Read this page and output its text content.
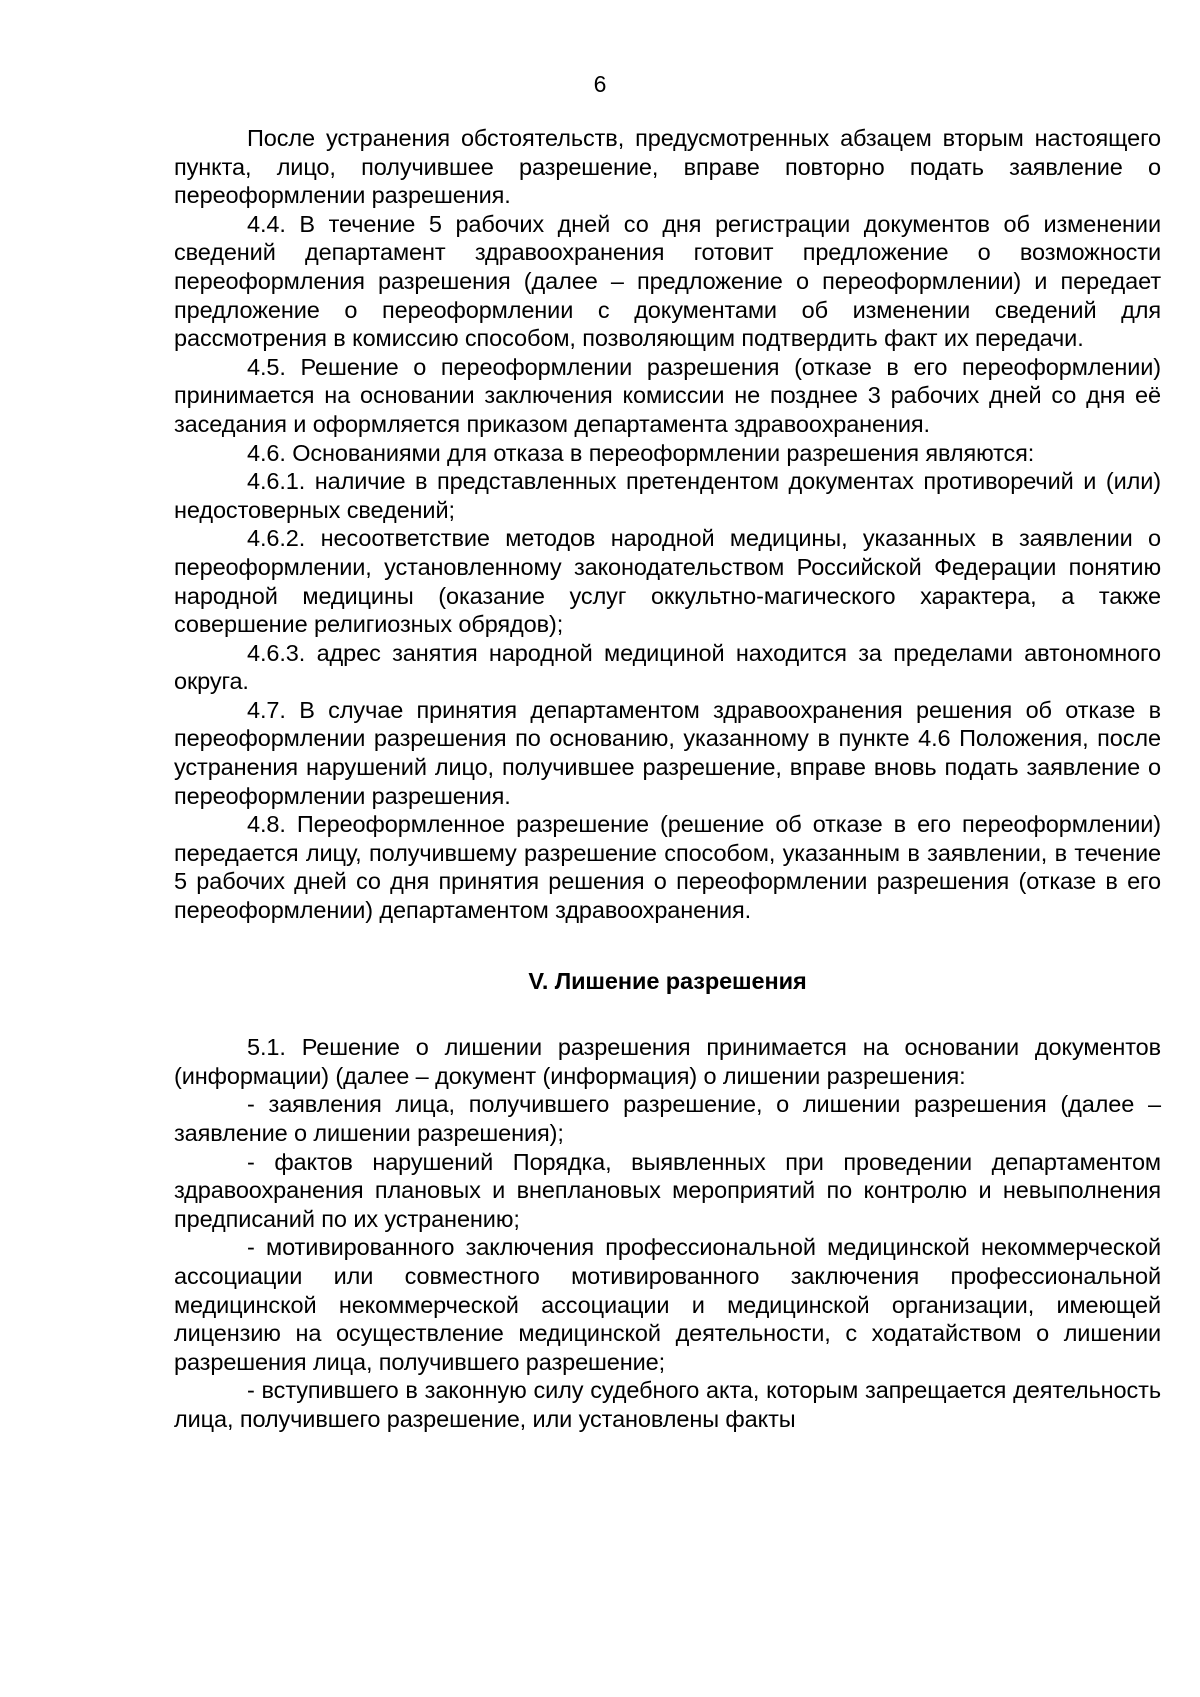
6

После устранения обстоятельств, предусмотренных абзацем вторым настоящего пункта, лицо, получившее разрешение, вправе повторно подать заявление о переоформлении разрешения.

4.4. В течение 5 рабочих дней со дня регистрации документов об изменении сведений департамент здравоохранения готовит предложение о возможности переоформления разрешения (далее – предложение о переоформлении) и передает предложение о переоформлении с документами об изменении сведений для рассмотрения в комиссию способом, позволяющим подтвердить факт их передачи.

4.5. Решение о переоформлении разрешения (отказе в его переоформлении) принимается на основании заключения комиссии не позднее 3 рабочих дней со дня её заседания и оформляется приказом департамента здравоохранения.

4.6. Основаниями для отказа в переоформлении разрешения являются:

4.6.1. наличие в представленных претендентом документах противоречий и (или) недостоверных сведений;

4.6.2. несоответствие методов народной медицины, указанных в заявлении о переоформлении, установленному законодательством Российской Федерации понятию народной медицины (оказание услуг оккультно-магического характера, а также совершение религиозных обрядов);

4.6.3. адрес занятия народной медициной находится за пределами автономного округа.

4.7. В случае принятия департаментом здравоохранения решения об отказе в переоформлении разрешения по основанию, указанному в пункте 4.6 Положения, после устранения нарушений лицо, получившее разрешение, вправе вновь подать заявление о переоформлении разрешения.

4.8. Переоформленное разрешение (решение об отказе в его переоформлении) передается лицу, получившему разрешение способом, указанным в заявлении, в течение 5 рабочих дней со дня принятия решения о переоформлении разрешения (отказе в его переоформлении) департаментом здравоохранения.

V. Лишение разрешения

5.1. Решение о лишении разрешения принимается на основании документов (информации) (далее – документ (информация) о лишении разрешения:

- заявления лица, получившего разрешение, о лишении разрешения (далее – заявление о лишении разрешения);

- фактов нарушений Порядка, выявленных при проведении департаментом здравоохранения плановых и внеплановых мероприятий по контролю и невыполнения предписаний по их устранению;

- мотивированного заключения профессиональной медицинской некоммерческой ассоциации или совместного мотивированного заключения профессиональной медицинской некоммерческой ассоциации и медицинской организации, имеющей лицензию на осуществление медицинской деятельности, с ходатайством о лишении разрешения лица, получившего разрешение;

- вступившего в законную силу судебного акта, которым запрещается деятельность лица, получившего разрешение, или установлены факты
